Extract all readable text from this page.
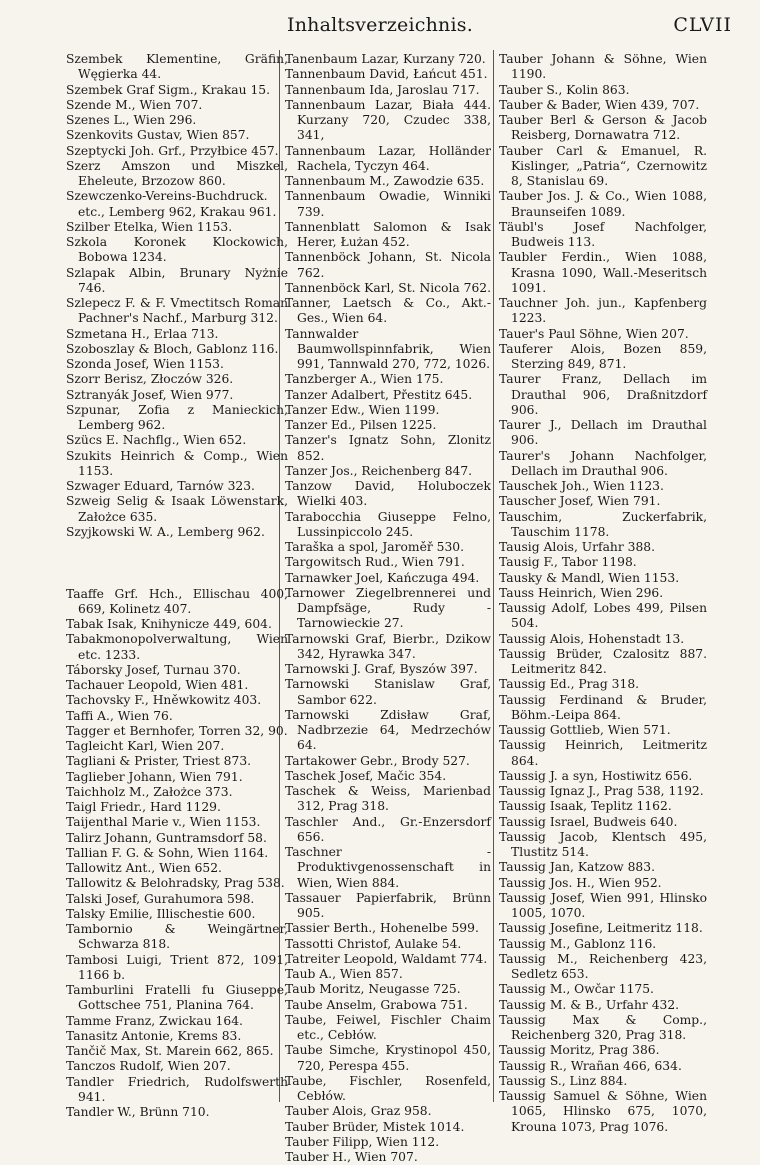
Inhaltsverzeichnis.	CLVII

Szembek Klementine, Gräfin, Węgierka 44.

Szembek Graf Sigm., Krakau 15.

Szende M., Wien 707.

Szenes L., Wien 296.

Szenkovits Gustav, Wien 857.

Szeptycki Joh. Grf., Przyłbice 457.

Szerz Amszon und Miszkel, Eheleute, Brzozow 860.

Szewczenko-Vereins-Buchdruck. etc., Lemberg 962, Krakau 961.

Szilber Etelka, Wien 1153.

Szkola Koronek Klockowich, Bobowa 1234.

Szlapak Albin, Brunary Nyżnie 746.

Szlepecz F. & F. Vmectitsch Roman Pachner's Nachf., Marburg 312.

Szmetana H., Erlaa 713.

Szoboszlay & Bloch, Gablonz 116.

Szonda Josef, Wien 1153.

Szorr Berisz, Złoczów 326.

Sztranyák Josef, Wien 977.

Szpunar, Zofia z Manieckich, Lemberg 962.

Szücs E. Nachflg., Wien 652.

Szukits Heinrich & Comp., Wien 1153.

Szwager Eduard, Tarnów 323.

Szweig Selig & Isaak Löwenstark, Założce 635.

Szyjkowski W. A., Lemberg 962.

Taaffe Grf. Hch., Ellischau 400, 669, Kolinetz 407.

Tabak Isak, Knihynicze 449, 604.

Tabakmonopolverwaltung, Wien etc. 1233.

Táborsky Josef, Turnau 370.

Tachauer Leopold, Wien 481.

Tachovsky F., Hněwkowitz 403.

Taffi A., Wien 76.

Tagger et Bernhofer, Torren 32, 90.

Tagleicht Karl, Wien 207.

Tagliani & Prister, Triest 873.

Taglieber Johann, Wien 791.

Taichholz M., Założce 373.

Taigl Friedr., Hard 1129.

Taijenthal Marie v., Wien 1153.

Talirz Johann, Guntramsdorf 58.

Tallian F. G. & Sohn, Wien 1164.

Tallowitz Ant., Wien 652.

Tallowitz & Belohradsky, Prag 538.

Talski Josef, Gurahumora 598.

Talsky Emilie, Illischestie 600.

Tambornio & Weingärtner, Schwarza 818.

Tambosi Luigi, Trient 872, 1091, 1166 b.

Tamburlini Fratelli fu Giuseppe, Gottschee 751, Planina 764.

Tamme Franz, Zwickau 164.

Tanasitz Antonie, Krems 83.

Tančič Max, St. Marein 662, 865.

Tanczos Rudolf, Wien 207.

Tandler Friedrich, Rudolfswerth 941.

Tandler W., Brünn 710.

Tanenbaum Lazar, Kurzany 720.

Tannenbaum David, Łańcut 451.

Tannenbaum Ida, Jaroslau 717.

Tannenbaum Lazar, Biała 444. Kurzany 720, Czudec 338, 341,

Tannenbaum Lazar, Holländer Rachela, Tyczyn 464.

Tannenbaum M., Zawodzie 635.

Tannenbaum Owadie, Winniki 739.

Tannenblatt Salomon & Isak Herer, Łużan 452.

Tannenböck Johann, St. Nicola 762.

Tannenböck Karl, St. Nicola 762.

Tanner, Laetsch & Co., Akt.-Ges., Wien 64.

Tannwalder Baumwollspinnfabrik, Wien 991, Tannwald 270, 772, 1026.

Tanzberger A., Wien 175.

Tanzer Adalbert, Přestitz 645.

Tanzer Edw., Wien 1199.

Tanzer Ed., Pilsen 1225.

Tanzer's Ignatz Sohn, Zlonitz 852.

Tanzer Jos., Reichenberg 847.

Tanzow David, Holuboczek Wielki 403.

Tarabocchia Giuseppe Felno, Lussinpiccolo 245.

Taraška a spol, Jaroměř 530.

Targowitsch Rud., Wien 791.

Tarnawker Joel, Kańczuga 494.

Tarnower Ziegelbrennerei und Dampfsäge, Rudy - Tarnowieckie 27.

Tarnowski Graf, Bierbr., Dzikow 342, Hyrawka 347.

Tarnowski J. Graf, Byszów 397.

Tarnowski Stanislaw Graf, Sambor 622.

Tarnowski Zdisław Graf, Nadbrzezie 64, Medrzechów 64.

Tartakower Gebr., Brody 527.

Taschek Josef, Mačic 354.

Taschek & Weiss, Marienbad 312, Prag 318.

Taschler And., Gr.-Enzersdorf 656.

Taschner - Produktivgenossenschaft in Wien, Wien 884.

Tassauer Papierfabrik, Brünn 905.

Tassier Berth., Hohenelbe 599.

Tassotti Christof, Aulake 54.

Tatreiter Leopold, Waldamt 774.

Taub A., Wien 857.

Taub Moritz, Neugasse 725.

Taube Anselm, Grabowa 751.

Taube, Feiwel, Fischler Chaim etc., Cebłów.

Taube Simche, Krystinopol 450, 720, Perespa 455.

Taube, Fischler, Rosenfeld, Cebłów.

Tauber Alois, Graz 958.

Tauber Brüder, Mistek 1014.

Tauber Filipp, Wien 112.

Tauber H., Wien 707.

Tauber Johann & Söhne, Wien 1190.

Tauber S., Kolin 863.

Tauber & Bader, Wien 439, 707.

Tauber Berl & Gerson & Jacob Reisberg, Dornawatra 712.

Tauber Carl & Emanuel, R. Kislinger, „Patria“, Czernowitz 8, Stanislau 69.

Tauber Jos. J. & Co., Wien 1088, Braunseifen 1089.

Täubl's Josef Nachfolger, Budweis 113.

Taubler Ferdin., Wien 1088, Krasna 1090, Wall.-Meseritsch 1091.

Tauchner Joh. jun., Kapfenberg 1223.

Tauer's Paul Söhne, Wien 207.

Tauferer Alois, Bozen 859, Sterzing 849, 871.

Taurer Franz, Dellach im Drauthal 906, Draßnitzdorf 906.

Taurer J., Dellach im Drauthal 906.

Taurer's Johann Nachfolger, Dellach im Drauthal 906.

Tauschek Joh., Wien 1123.

Tauscher Josef, Wien 791.

Tauschim, Zuckerfabrik, Tauschim 1178.

Tausig Alois, Urfahr 388.

Tausig F., Tabor 1198.

Tausky & Mandl, Wien 1153.

Tauss Heinrich, Wien 296.

Taussig Adolf, Lobes 499, Pilsen 504.

Taussig Alois, Hohenstadt 13.

Taussig Brüder, Czalositz 887. Leitmeritz 842.

Taussig Ed., Prag 318.

Taussig Ferdinand & Bruder, Böhm.-Leipa 864.

Taussig Gottlieb, Wien 571.

Taussig Heinrich, Leitmeritz 864.

Taussig J. a syn, Hostiwitz 656.

Taussig Ignaz J., Prag 538, 1192.

Taussig Isaak, Teplitz 1162.

Taussig Israel, Budweis 640.

Taussig Jacob, Klentsch 495, Tlustitz 514.

Taussig Jan, Katzow 883.

Taussig Jos. H., Wien 952.

Taussig Josef, Wien 991, Hlinsko 1005, 1070.

Taussig Josefine, Leitmeritz 118.

Taussig M., Gablonz 116.

Taussig M., Reichenberg 423, Sedletz 653.

Taussig M., Owčar 1175.

Taussig M. & B., Urfahr 432.

Taussig Max & Comp., Reichenberg 320, Prag 318.

Taussig Moritz, Prag 386.

Taussig R., Wrañan 466, 634.

Taussig S., Linz 884.

Taussig Samuel & Söhne, Wien 1065, Hlinsko 675, 1070, Krouna 1073, Prag 1076.
